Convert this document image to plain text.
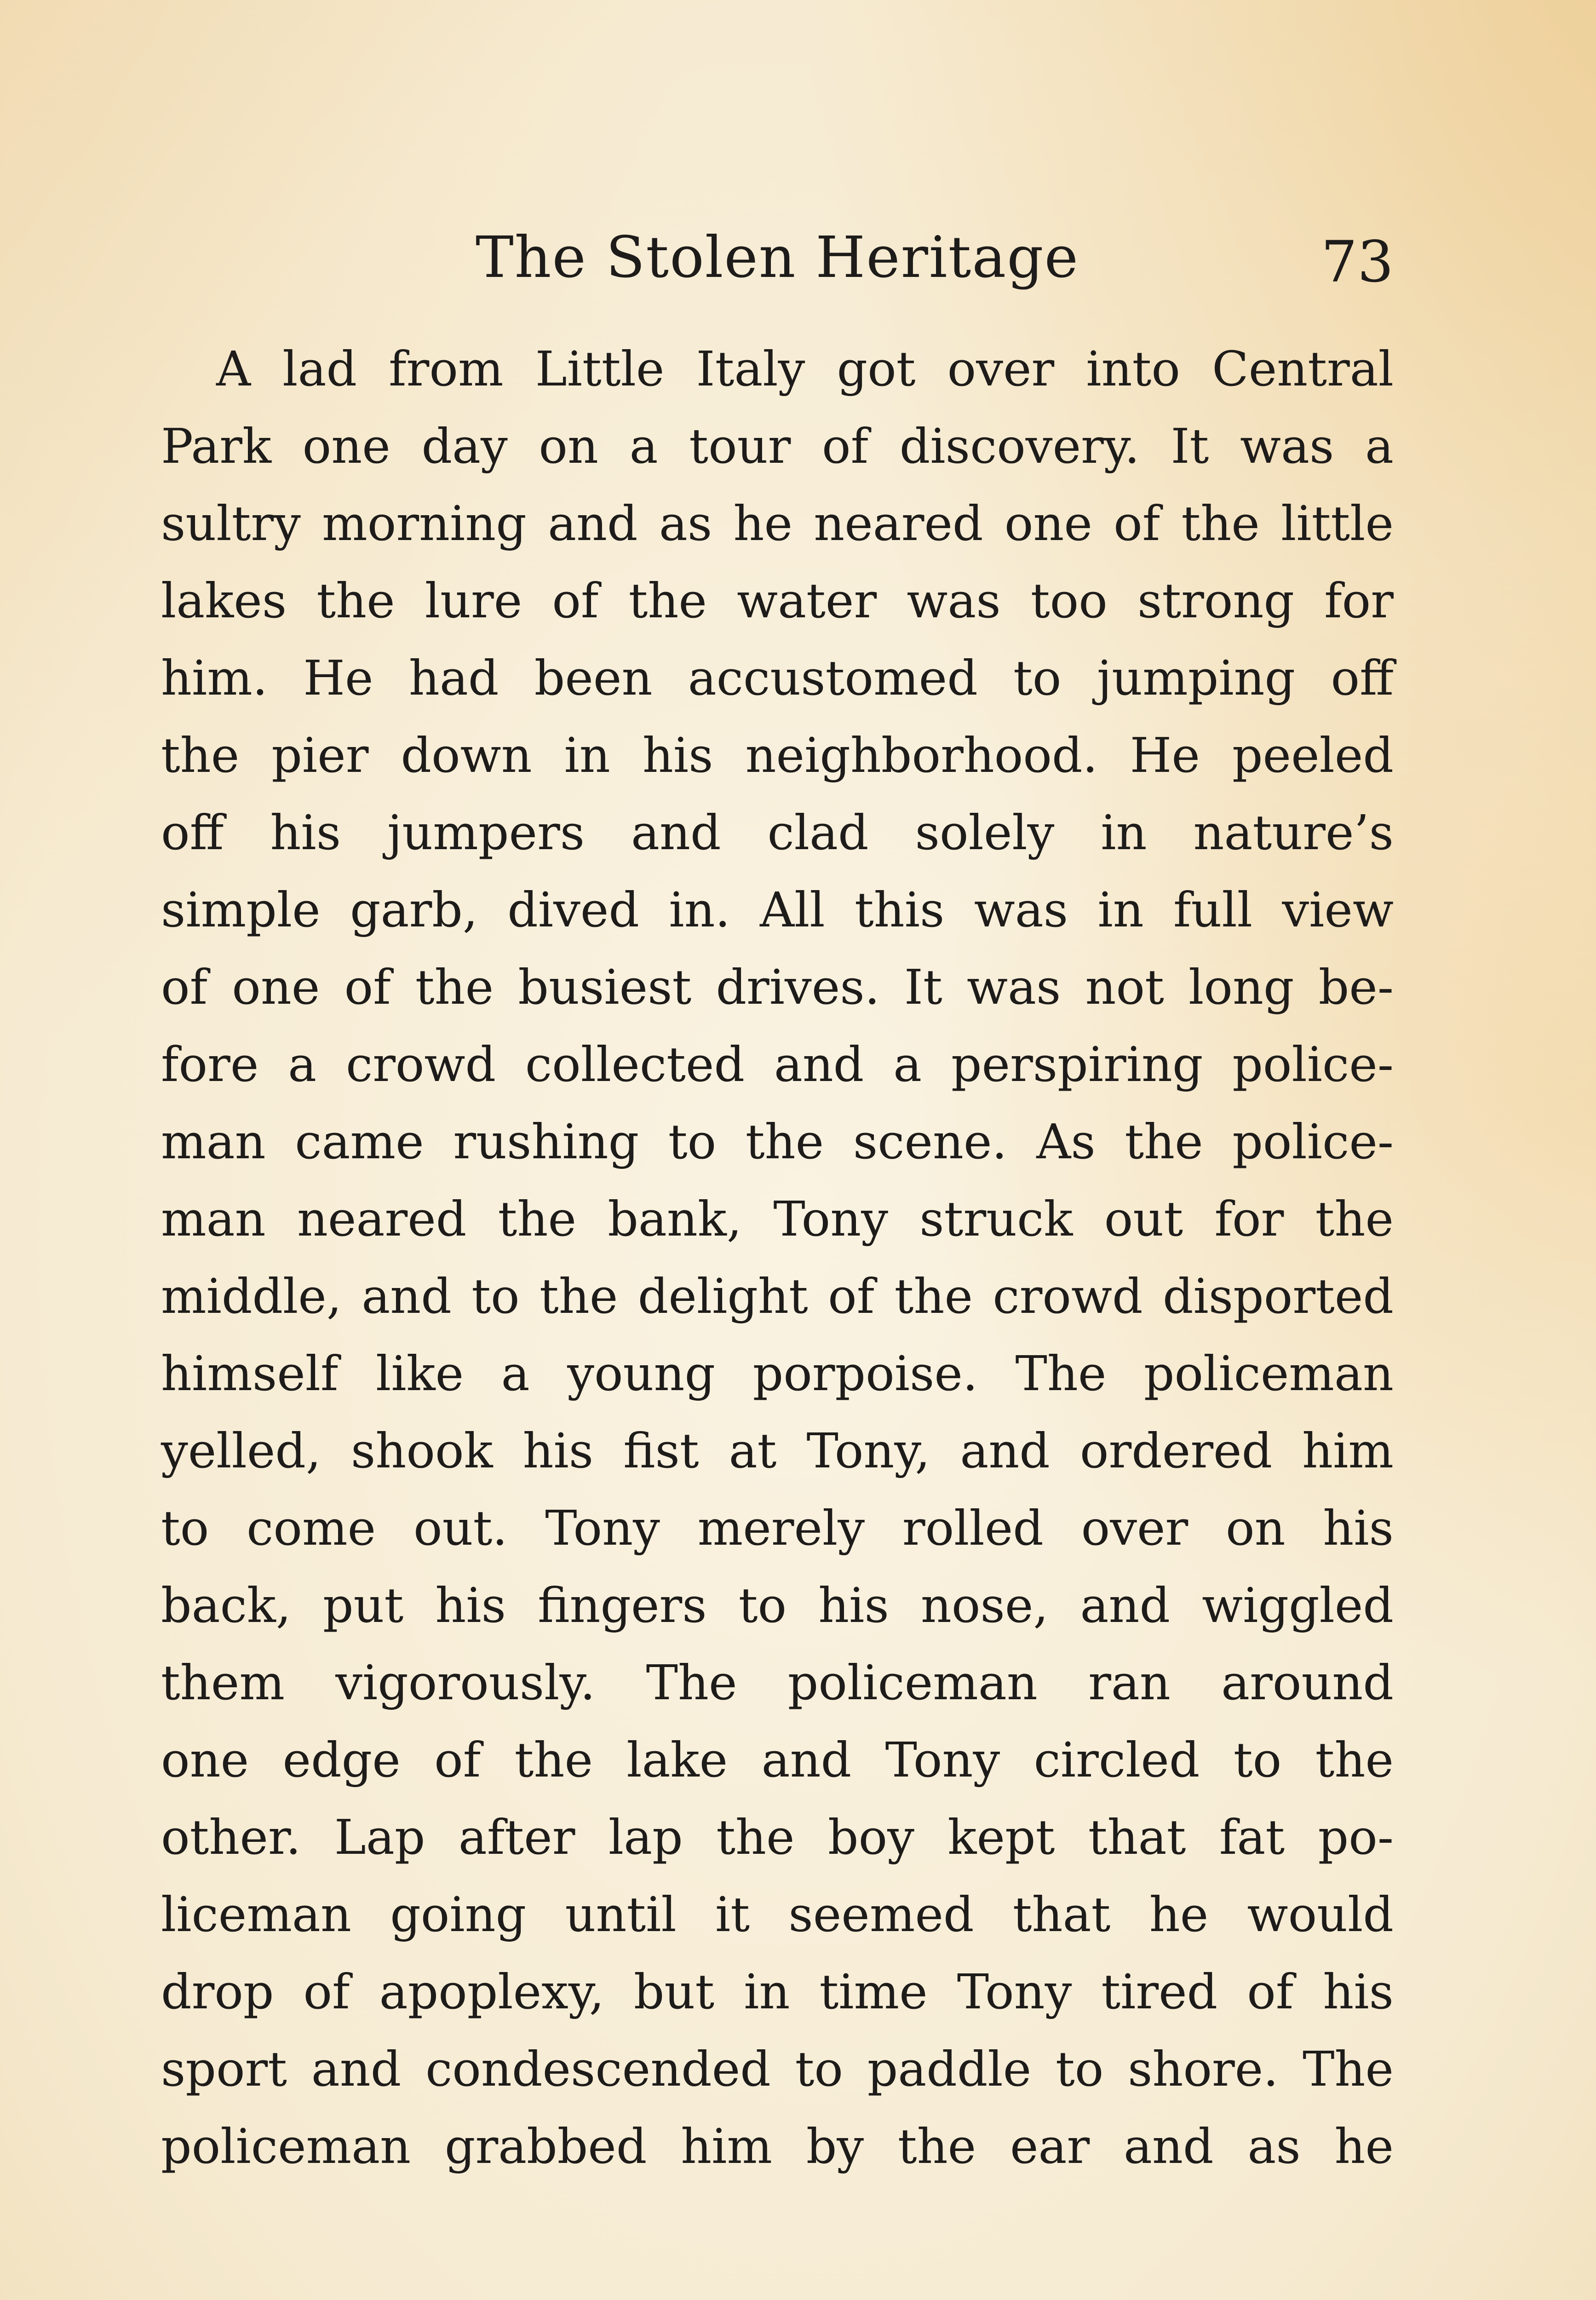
The Stolen Heritage	73
A lad from Little Italy got over into Central
Park one day on a tour of discovery. It was a
sultry morning and as he neared one of the little
lakes the lure of the water was too strong for
him. He had been accustomed to jumping off
the pier down in his neighborhood. He peeled
off his jumpers and clad solely in nature’s
simple garb, dived in. All this was in full view
of one of the busiest drives. It was not long be-
fore a crowd collected and a perspiring police-
man came rushing to the scene. As the police-
man neared the bank, Tony struck out for the
middle, and to the delight of the crowd disported
himself like a young porpoise. The policeman
yelled, shook his fist at Tony, and ordered him
to come out. Tony merely rolled over on his
back, put his fingers to his nose, and wiggled
them vigorously. The policeman ran around
one edge of the lake and Tony circled to the
other. Lap after lap the boy kept that fat po-
liceman going until it seemed that he would
drop of apoplexy, but in time Tony tired of his
sport and condescended to paddle to shore. The
policeman grabbed him by the ear and as he
